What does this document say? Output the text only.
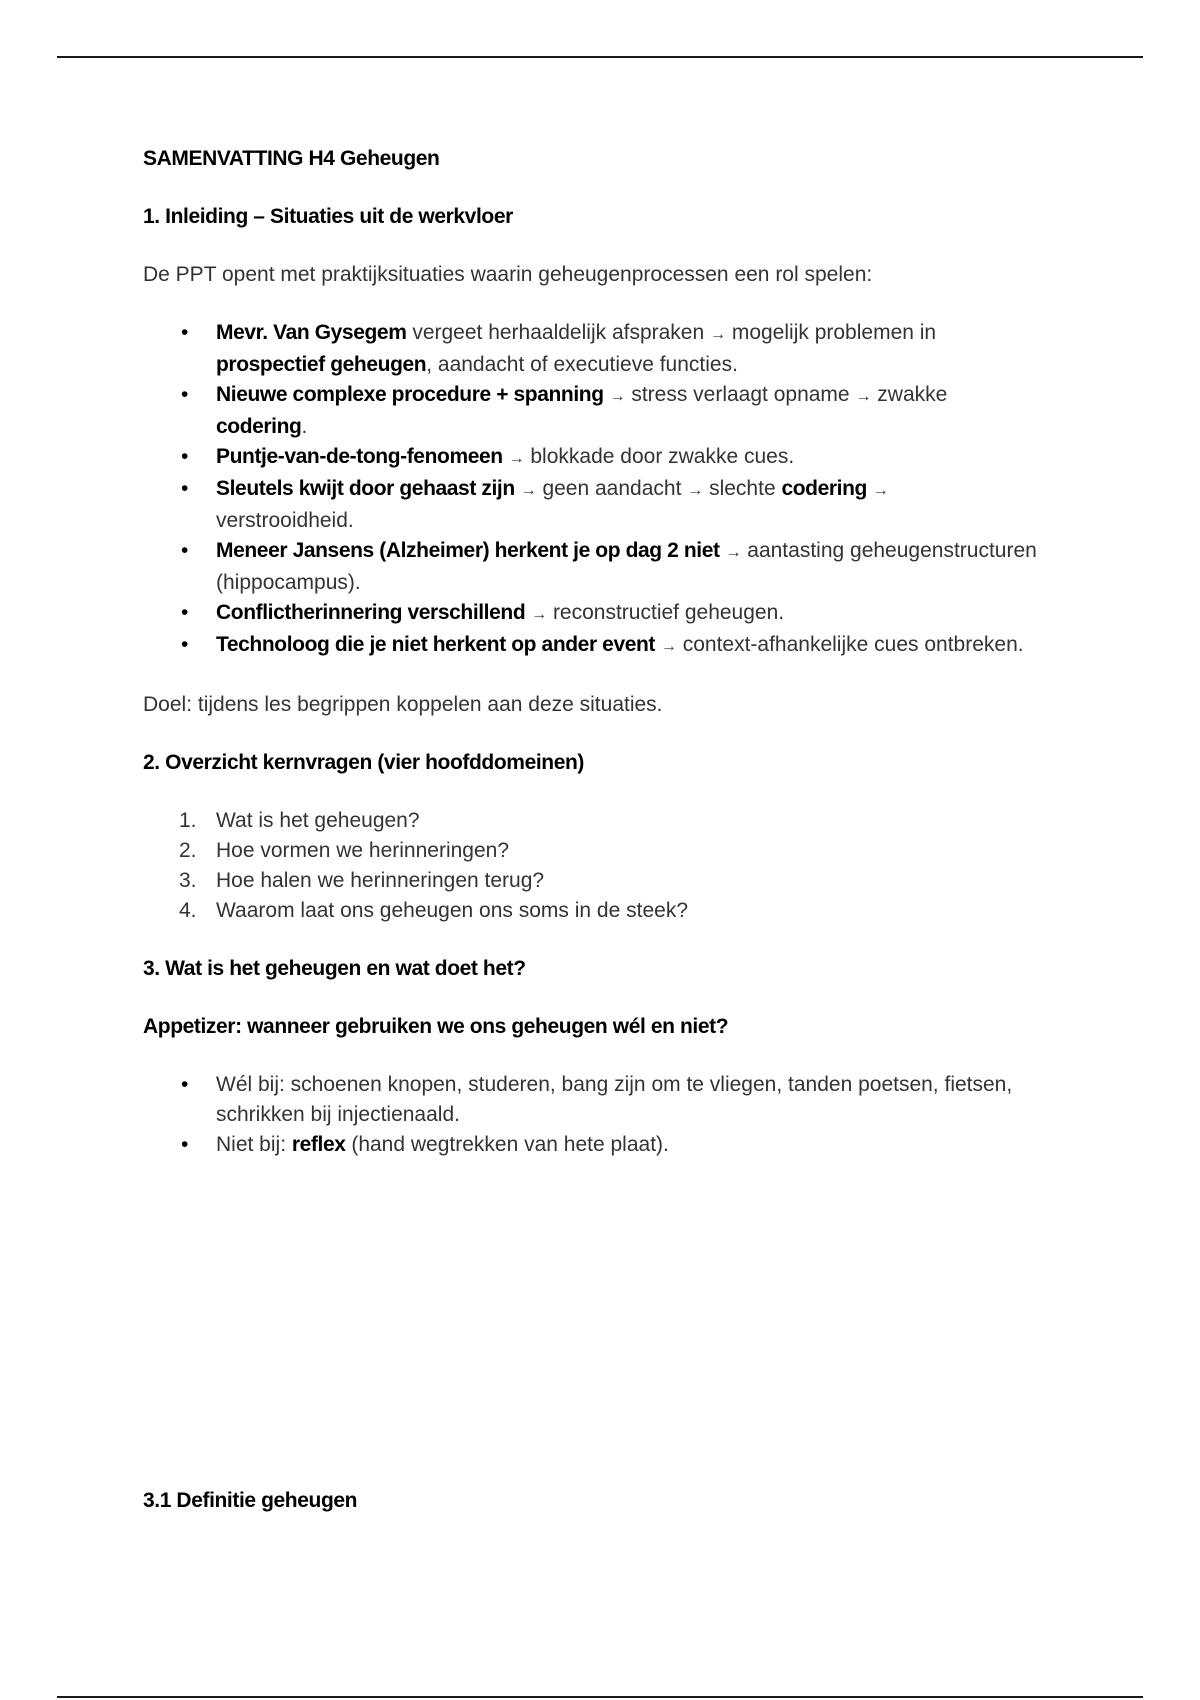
SAMENVATTING H4 Geheugen
1. Inleiding – Situaties uit de werkvloer

De PPT opent met praktijksituaties waarin geheugenprocessen een rol spelen:

• Mevr. Van Gysegem vergeet herhaaldelijk afspraken → mogelijk problemen in prospectief geheugen, aandacht of executieve functies.
• Nieuwe complexe procedure + spanning → stress verlaagt opname → zwakke codering.
• Puntje-van-de-tong-fenomeen → blokkade door zwakke cues.
• Sleutels kwijt door gehaast zijn → geen aandacht → slechte codering →
verstrooidheid.
• Meneer Jansens (Alzheimer) herkent je op dag 2 niet → aantasting geheugenstructuren (hippocampus).
• Conflictherinnering verschillend → reconstructief geheugen.
• Technoloog die je niet herkent op ander event → context-afhankelijke cues ontbreken.

Doel: tijdens les begrippen koppelen aan deze situaties.

2. Overzicht kernvragen (vier hoofddomeinen)
1. Wat is het geheugen?
2. Hoe vormen we herinneringen?
3. Hoe halen we herinneringen terug?
4. Waarom laat ons geheugen ons soms in de steek?
3. Wat is het geheugen en wat doet het?
Appetizer: wanneer gebruiken we ons geheugen wél en niet?
• Wél bij: schoenen knopen, studeren, bang zijn om te vliegen, tanden poetsen, fietsen, schrikken bij injectienaald.
• Niet bij: reflex (hand wegtrekken van hete plaat).
3.1 Definitie geheugen
